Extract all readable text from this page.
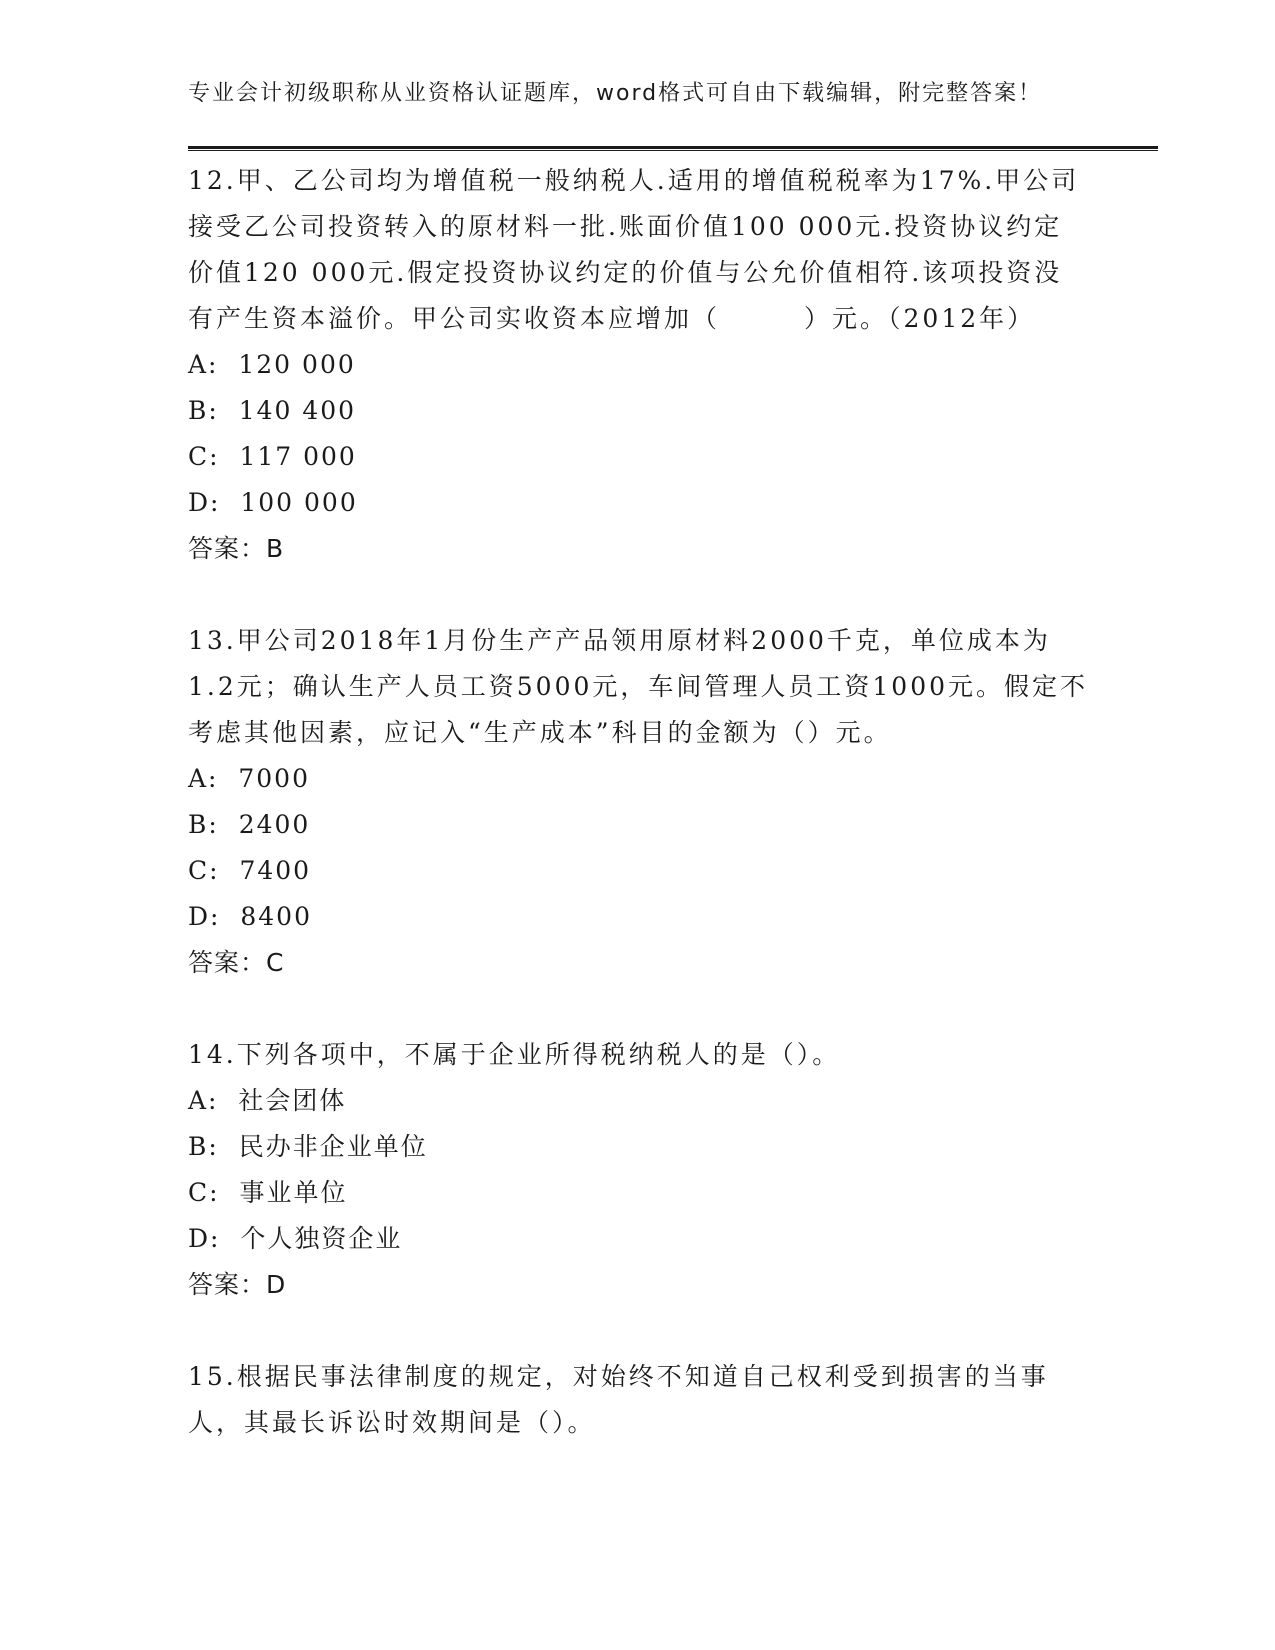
专业会计初级职称从业资格认证题库，word格式可自由下载编辑，附完整答案！
12.甲、乙公司均为增值税一般纳税人.适用的增值税税率为17%.甲公司接受乙公司投资转入的原材料一批.账面价值100 000元.投资协议约定价值120 000元.假定投资协议约定的价值与公允价值相符.该项投资没有产生资本溢价。甲公司实收资本应增加（　　　）元。（2012年）
A:  120 000
B:  140 400
C:  117 000
D:  100 000
答案：B
13.甲公司2018年1月份生产产品领用原材料2000千克，单位成本为1.2元；确认生产人员工资5000元，车间管理人员工资1000元。假定不考虑其他因素，应记入“生产成本”科目的金额为（）元。
A:  7000
B:  2400
C:  7400
D:  8400
答案：C
14.下列各项中，不属于企业所得税纳税人的是（）。
A:  社会团体
B:  民办非企业单位
C:  事业单位
D:  个人独资企业
答案：D
15.根据民事法律制度的规定，对始终不知道自己权利受到损害的当事人，其最长诉讼时效期间是（）。
